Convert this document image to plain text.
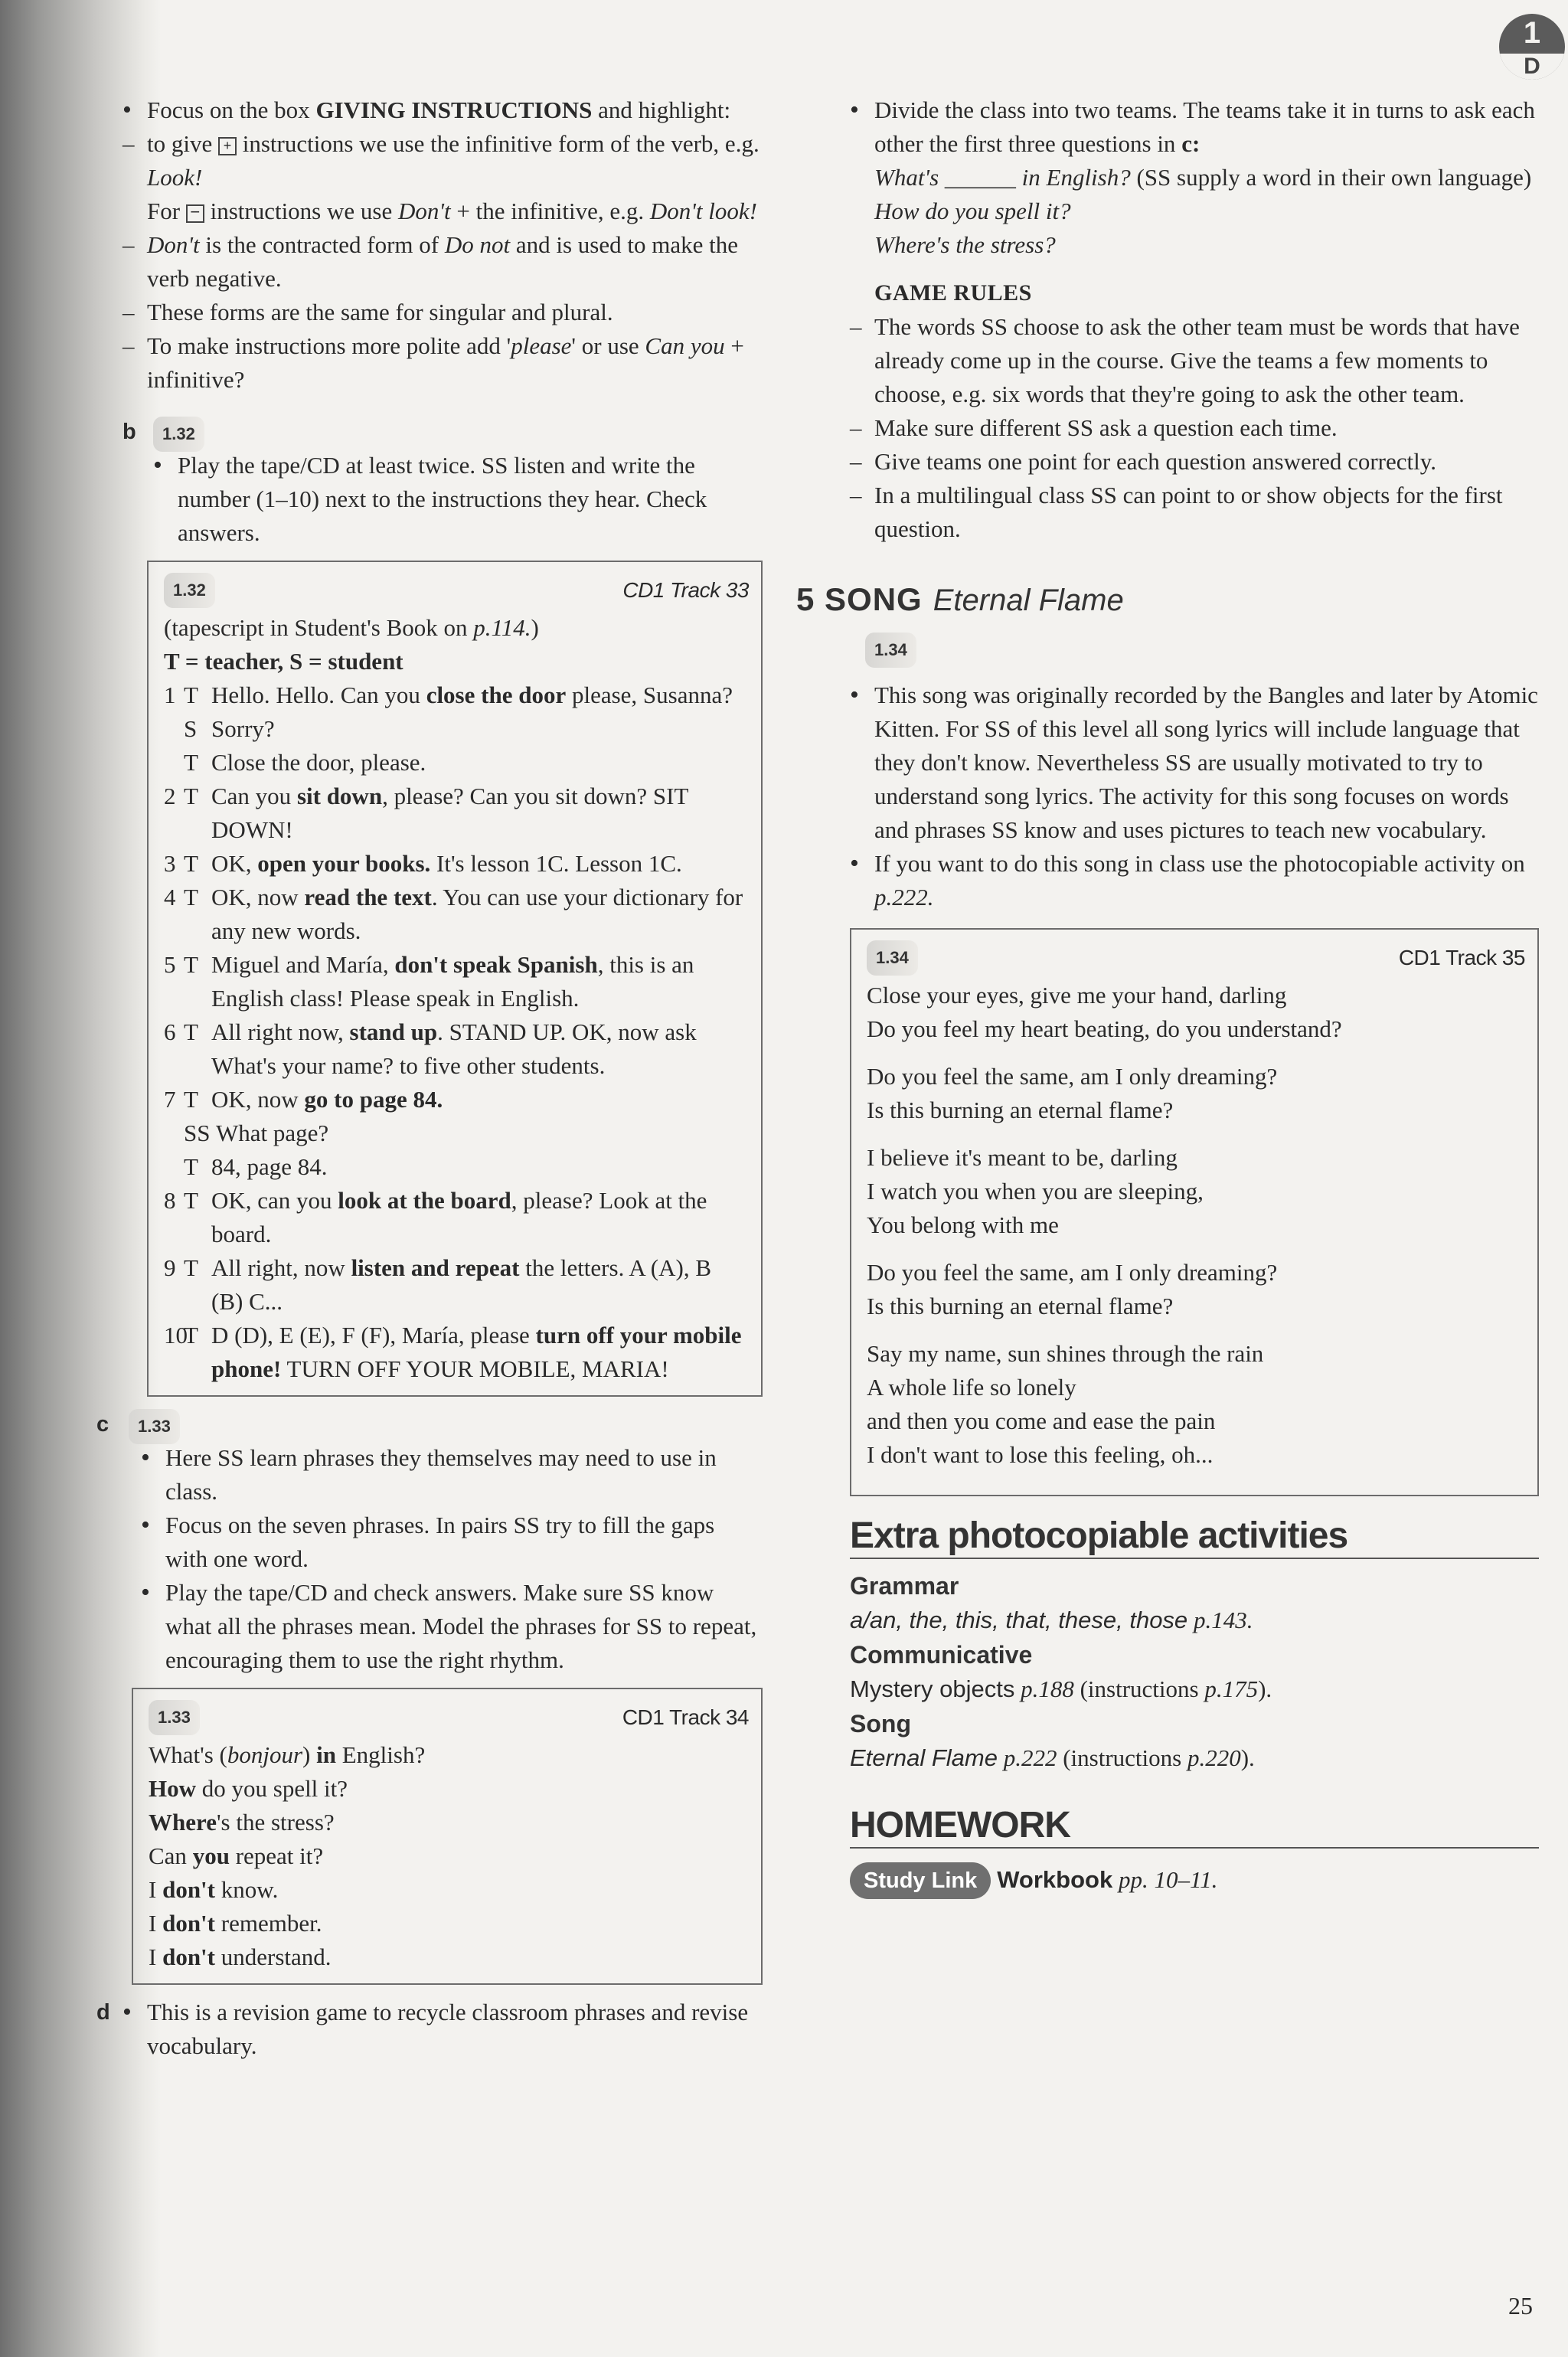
1
D
• Focus on the box GIVING INSTRUCTIONS and highlight:
– to give + instructions we use the infinitive form of the verb, e.g. Look!
For − instructions we use Don't + the infinitive, e.g. Don't look!
– Don't is the contracted form of Do not and is used to make the verb negative.
– These forms are the same for singular and plural.
– To make instructions more polite add 'please' or use Can you + infinitive?
b 1.32
• Play the tape/CD at least twice. SS listen and write the number (1–10) next to the instructions they hear. Check answers.
1.32	CD1 Track 33
(tapescript in Student's Book on p.114.)
T = teacher, S = student
1 T Hello. Hello. Can you close the door please, Susanna?
S Sorry?
T Close the door, please.
2 T Can you sit down, please? Can you sit down? SIT DOWN!
3 T OK, open your books. It's lesson 1C. Lesson 1C.
4 T OK, now read the text. You can use your dictionary for any new words.
5 T Miguel and María, don't speak Spanish, this is an English class! Please speak in English.
6 T All right now, stand up. STAND UP. OK, now ask What's your name? to five other students.
7 T OK, now go to page 84.
SS What page?
T 84, page 84.
8 T OK, can you look at the board, please? Look at the board.
9 T All right, now listen and repeat the letters. A (A), B (B) C...
10
T D (D), E (E), F (F), María, please turn off your mobile phone! TURN OFF YOUR MOBILE, MARIA!
c 1.33
• Here SS learn phrases they themselves may need to use in class.
• Focus on the seven phrases. In pairs SS try to fill the gaps with one word.
• Play the tape/CD and check answers. Make sure SS know what all the phrases mean. Model the phrases for SS to repeat, encouraging them to use the right rhythm.
1.33	CD1 Track 34
What's (bonjour) in English?
How do you spell it?
Where's the stress?
Can you repeat it?
I don't know.
I don't remember.
I don't understand.
d
•	This is a revision game to recycle classroom phrases and revise vocabulary.
• Divide the class into two teams. The teams take it in turns to ask each other the first three questions in c:
What's ______ in English? (SS supply a word in their own language)
How do you spell it?
Where's the stress?
GAME RULES
– The words SS choose to ask the other team must be words that have already come up in the course. Give the teams a few moments to choose, e.g. six words that they're going to ask the other team.
– Make sure different SS ask a question each time.
– Give teams one point for each question answered correctly.
– In a multilingual class SS can point to or show objects for the first question.
5 SONG Eternal Flame
1.34
• This song was originally recorded by the Bangles and later by Atomic Kitten. For SS of this level all song lyrics will include language that they don't know. Nevertheless SS are usually motivated to try to understand song lyrics. The activity for this song focuses on words and phrases SS know and uses pictures to teach new vocabulary.
• If you want to do this song in class use the photocopiable activity on p.222.
1.34	CD1 Track 35
Close your eyes, give me your hand, darling
Do you feel my heart beating, do you understand?
Do you feel the same, am I only dreaming?
Is this burning an eternal flame?
I believe it's meant to be, darling
I watch you when you are sleeping,
You belong with me
Do you feel the same, am I only dreaming?
Is this burning an eternal flame?
Say my name, sun shines through the rain
A whole life so lonely
and then you come and ease the pain
I don't want to lose this feeling, oh...
Extra photocopiable activities
Grammar
a/an, the, this, that, these, those p.143.
Communicative
Mystery objects p.188 (instructions p.175).
Song
Eternal Flame p.222 (instructions p.220).
HOMEWORK
Study Link Workbook pp. 10–11.
25
